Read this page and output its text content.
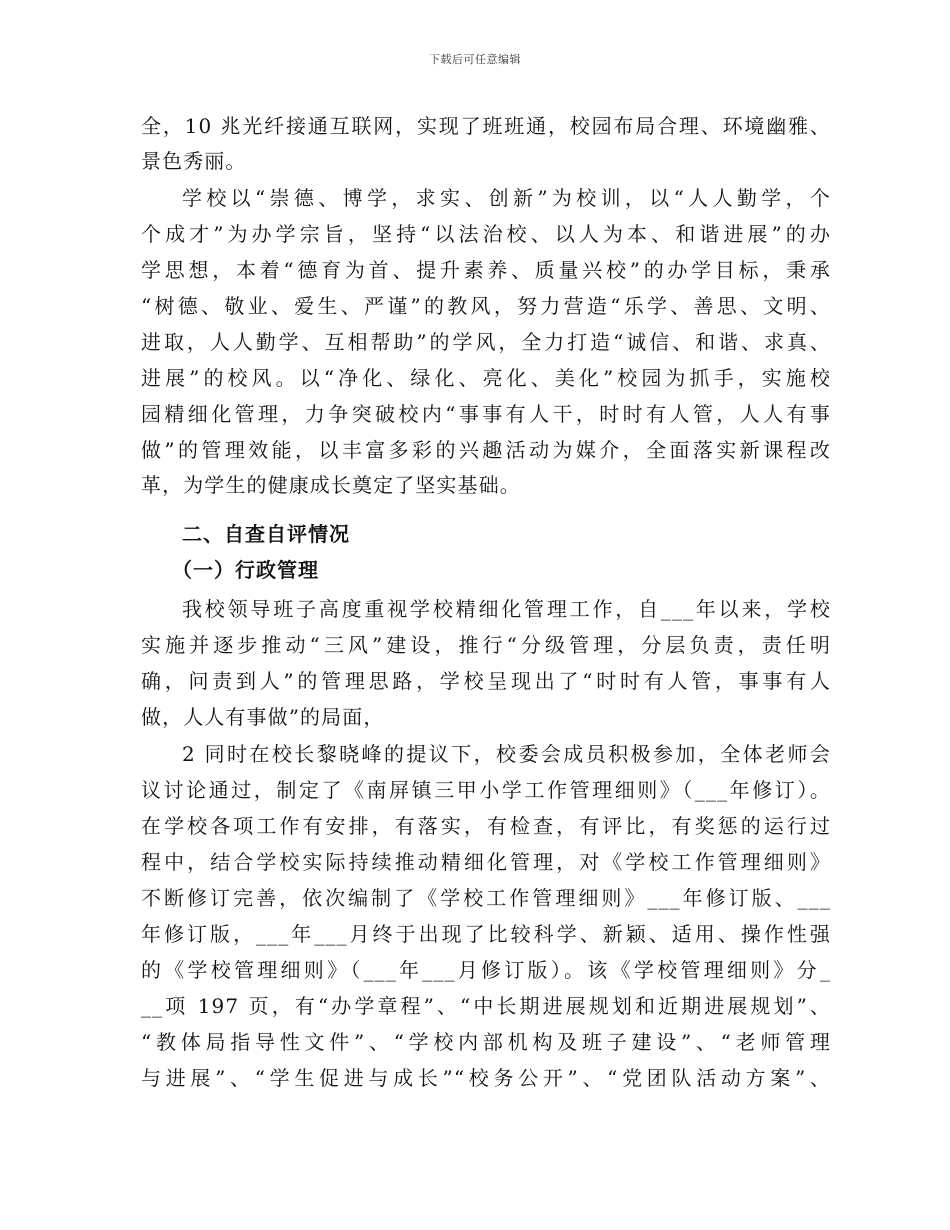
下载后可任意编辑
全，10 兆光纤接通互联网，实现了班班通，校园布局合理、环境幽雅、
景色秀丽。
学校以“崇德、博学，求实、创新”为校训，以“人人勤学，个
个成才”为办学宗旨，坚持“以法治校、以人为本、和谐进展”的办
学思想，本着“德育为首、提升素养、质量兴校”的办学目标，秉承
“树德、敬业、爱生、严谨”的教风，努力营造“乐学、善思、文明、
进取，人人勤学、互相帮助”的学风，全力打造“诚信、和谐、求真、
进展”的校风。以“净化、绿化、亮化、美化”校园为抓手，实施校
园精细化管理，力争突破校内“事事有人干，时时有人管，人人有事
做”的管理效能，以丰富多彩的兴趣活动为媒介，全面落实新课程改
革，为学生的健康成长奠定了坚实基础。
二、自查自评情况
（一）行政管理
我校领导班子高度重视学校精细化管理工作，自___年以来，学校
实施并逐步推动“三风”建设，推行“分级管理，分层负责，责任明
确，问责到人”的管理思路，学校呈现出了“时时有人管，事事有人
做，人人有事做”的局面，
2 同时在校长黎晓峰的提议下，校委会成员积极参加，全体老师会
议讨论通过，制定了《南屏镇三甲小学工作管理细则》（___年修订）。
在学校各项工作有安排，有落实，有检查，有评比，有奖惩的运行过
程中，结合学校实际持续推动精细化管理，对《学校工作管理细则》
不断修订完善，依次编制了《学校工作管理细则》___年修订版、___
年修订版，___年___月终于出现了比较科学、新颖、适用、操作性强
的《学校管理细则》（___年___月修订版）。该《学校管理细则》分_
__项 197 页，有“办学章程”、“中长期进展规划和近期进展规划”、
“教体局指导性文件”、“学校内部机构及班子建设”、“老师管理
与进展”、“学生促进与成长”“校务公开”、“党团队活动方案”、
